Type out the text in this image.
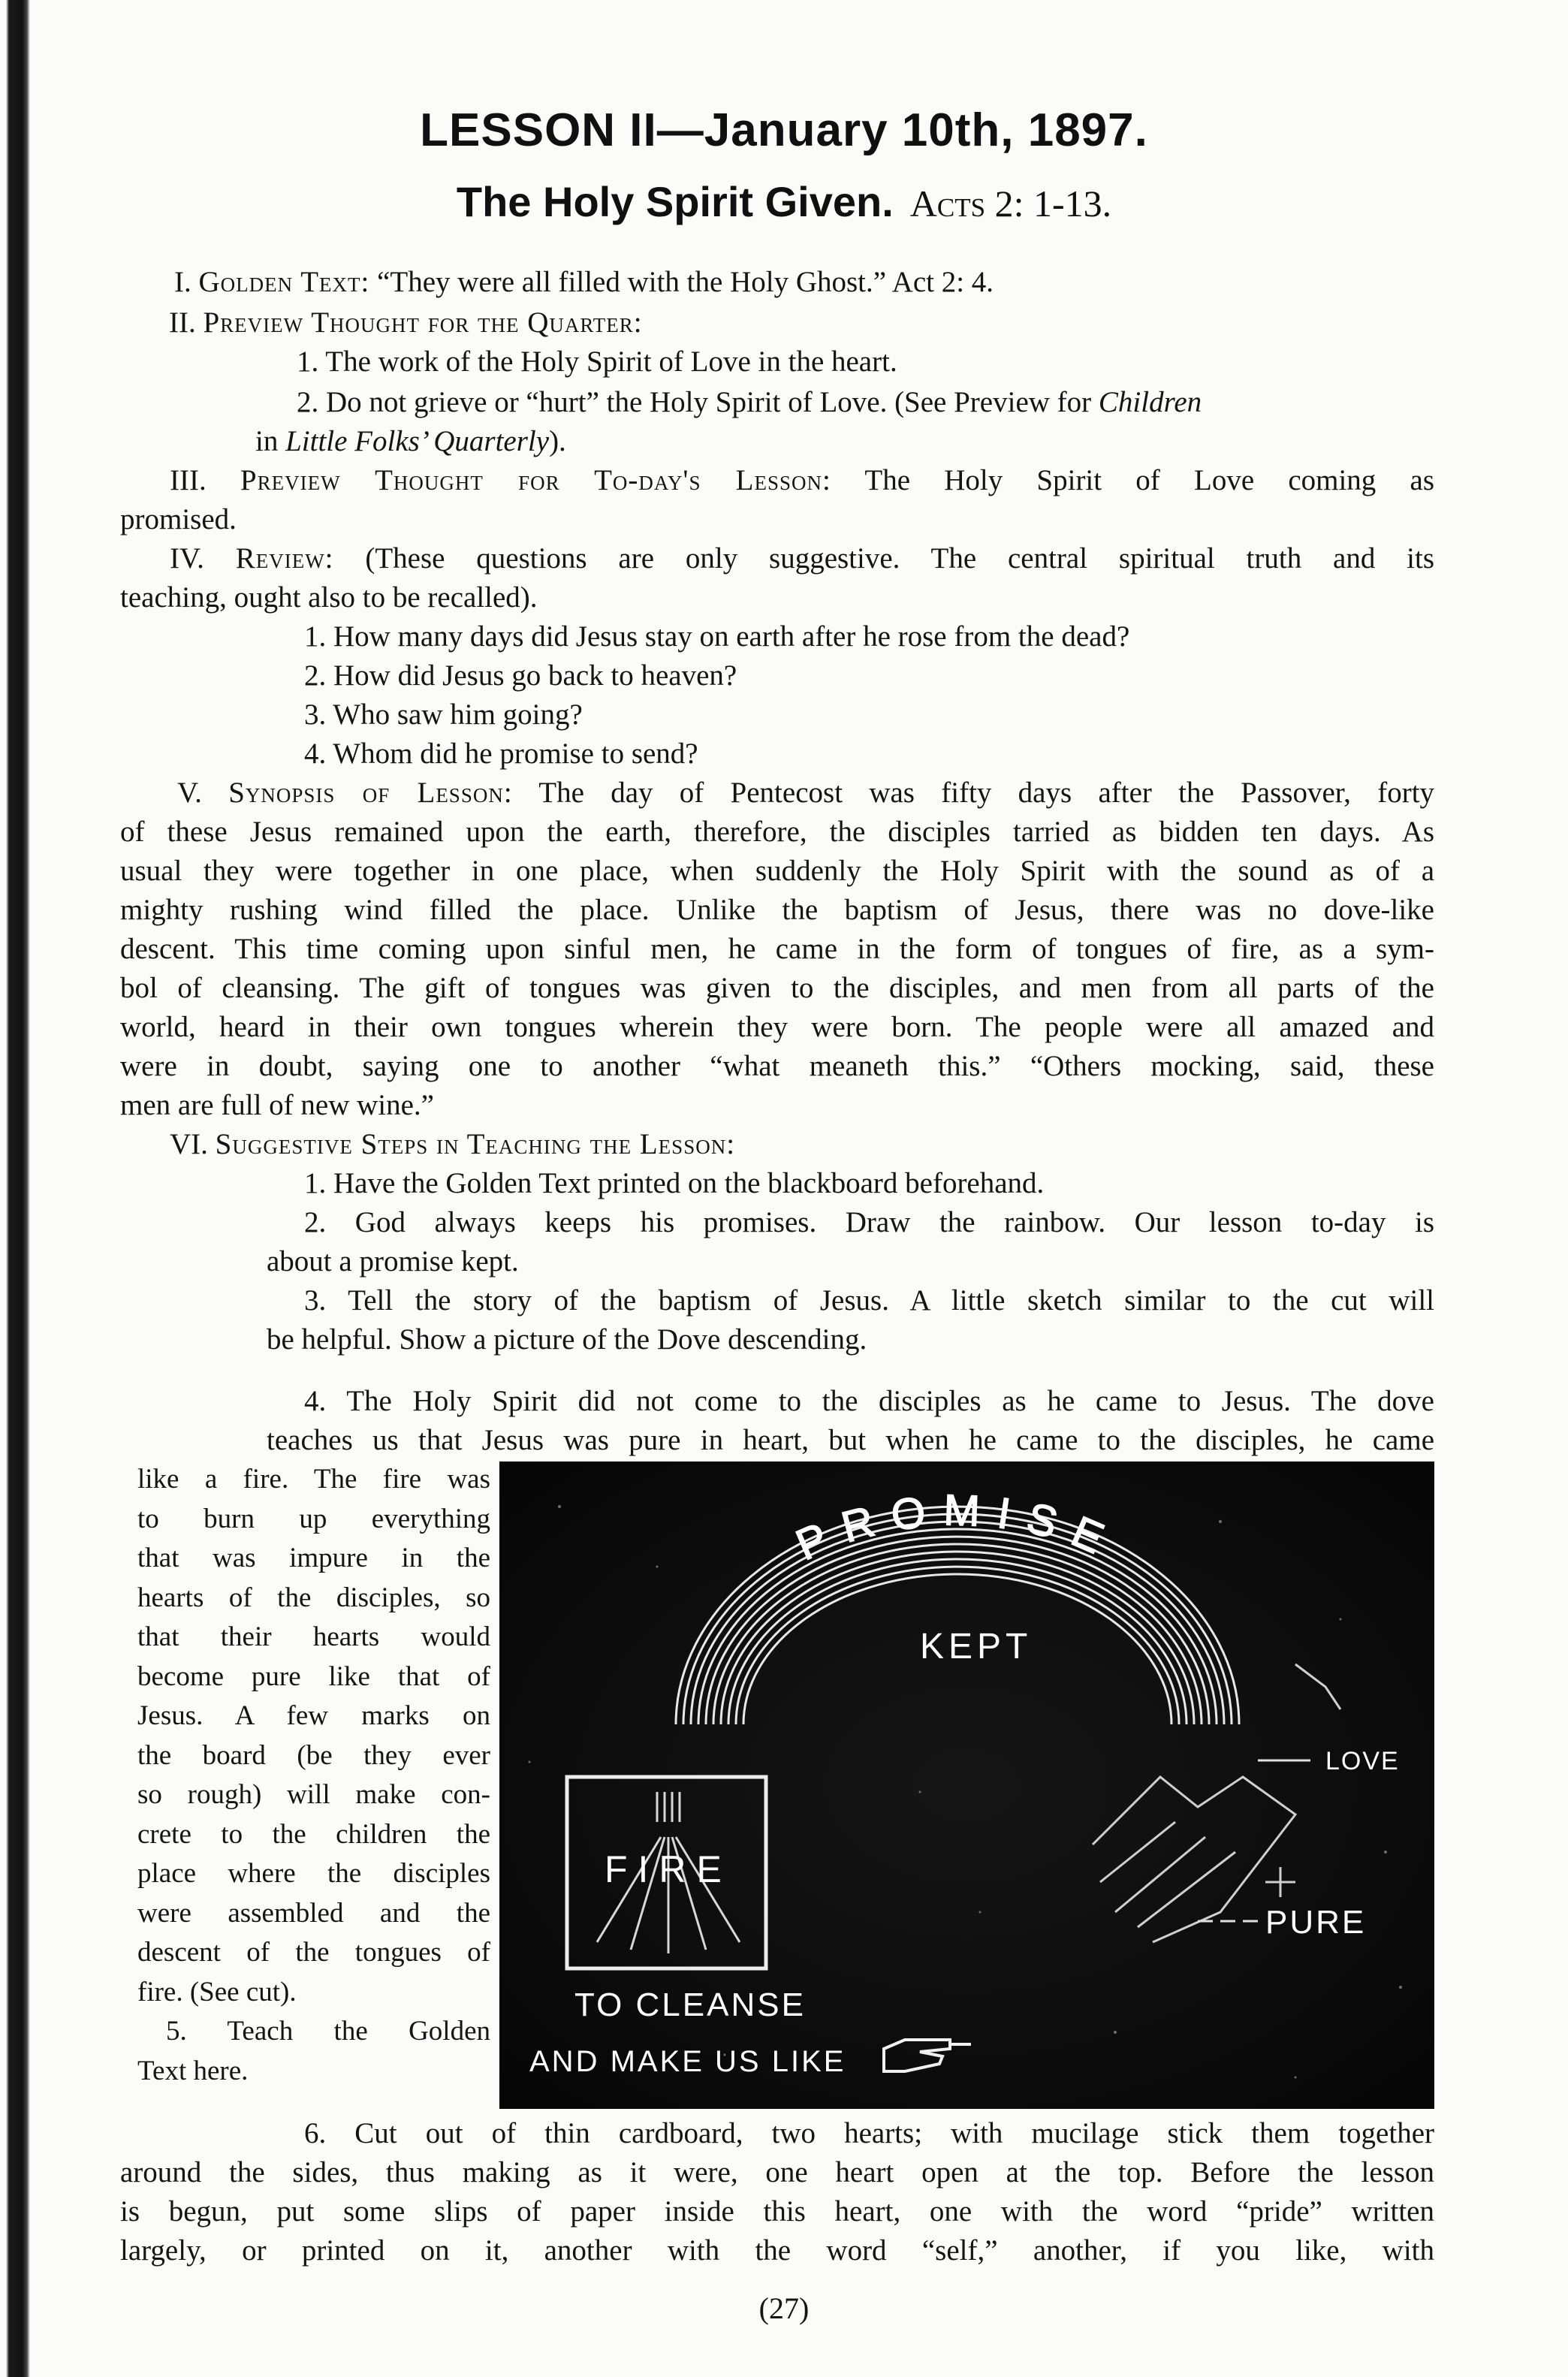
LESSON II—January 10th, 1897.
The Holy Spirit Given. Acts 2: 1-13.
I. Golden Text: “They were all filled with the Holy Ghost.” Act 2: 4.
II. Preview Thought for the Quarter:
1. The work of the Holy Spirit of Love in the heart.
2. Do not grieve or “hurt” the Holy Spirit of Love. (See Preview for Children
in Little Folks’ Quarterly).
III. Preview Thought for To-day's Lesson: The Holy Spirit of Love coming as
promised.
IV. Review: (These questions are only suggestive. The central spiritual truth and its
teaching, ought also to be recalled).
1. How many days did Jesus stay on earth after he rose from the dead?
2. How did Jesus go back to heaven?
3. Who saw him going?
4. Whom did he promise to send?
V. Synopsis of Lesson: The day of Pentecost was fifty days after the Passover, forty
of these Jesus remained upon the earth, therefore, the disciples tarried as bidden ten days. As
usual they were together in one place, when suddenly the Holy Spirit with the sound as of a
mighty rushing wind filled the place. Unlike the baptism of Jesus, there was no dove-like
descent. This time coming upon sinful men, he came in the form of tongues of fire, as a sym-
bol of cleansing. The gift of tongues was given to the disciples, and men from all parts of the
world, heard in their own tongues wherein they were born. The people were all amazed and
were in doubt, saying one to another “what meaneth this.” “Others mocking, said, these
men are full of new wine.”
VI. Suggestive Steps in Teaching the Lesson:
1. Have the Golden Text printed on the blackboard beforehand.
2. God always keeps his promises. Draw the rainbow. Our lesson to-day is
about a promise kept.
3. Tell the story of the baptism of Jesus. A little sketch similar to the cut will
be helpful. Show a picture of the Dove descending.
4. The Holy Spirit did not come to the disciples as he came to Jesus. The dove
teaches us that Jesus was pure in heart, but when he came to the disciples, he came
like a fire. The fire was
to burn up everything
that was impure in the
hearts of the disciples, so
that their hearts would
become pure like that of
Jesus. A few marks on
the board (be they ever
so rough) will make con-
crete to the children the
place where the disciples
were assembled and the
descent of the tongues of
fire. (See cut).
5. Teach the Golden
Text here.
PROMISE
KEPT
FIRE
TO CLEANSE
AND MAKE US LIKE
LOVE
PURE
6. Cut out of thin cardboard, two hearts; with mucilage stick them together
around the sides, thus making as it were, one heart open at the top. Before the lesson
is begun, put some slips of paper inside this heart, one with the word “pride” written
largely, or printed on it, another with the word “self,” another, if you like, with
(27)
